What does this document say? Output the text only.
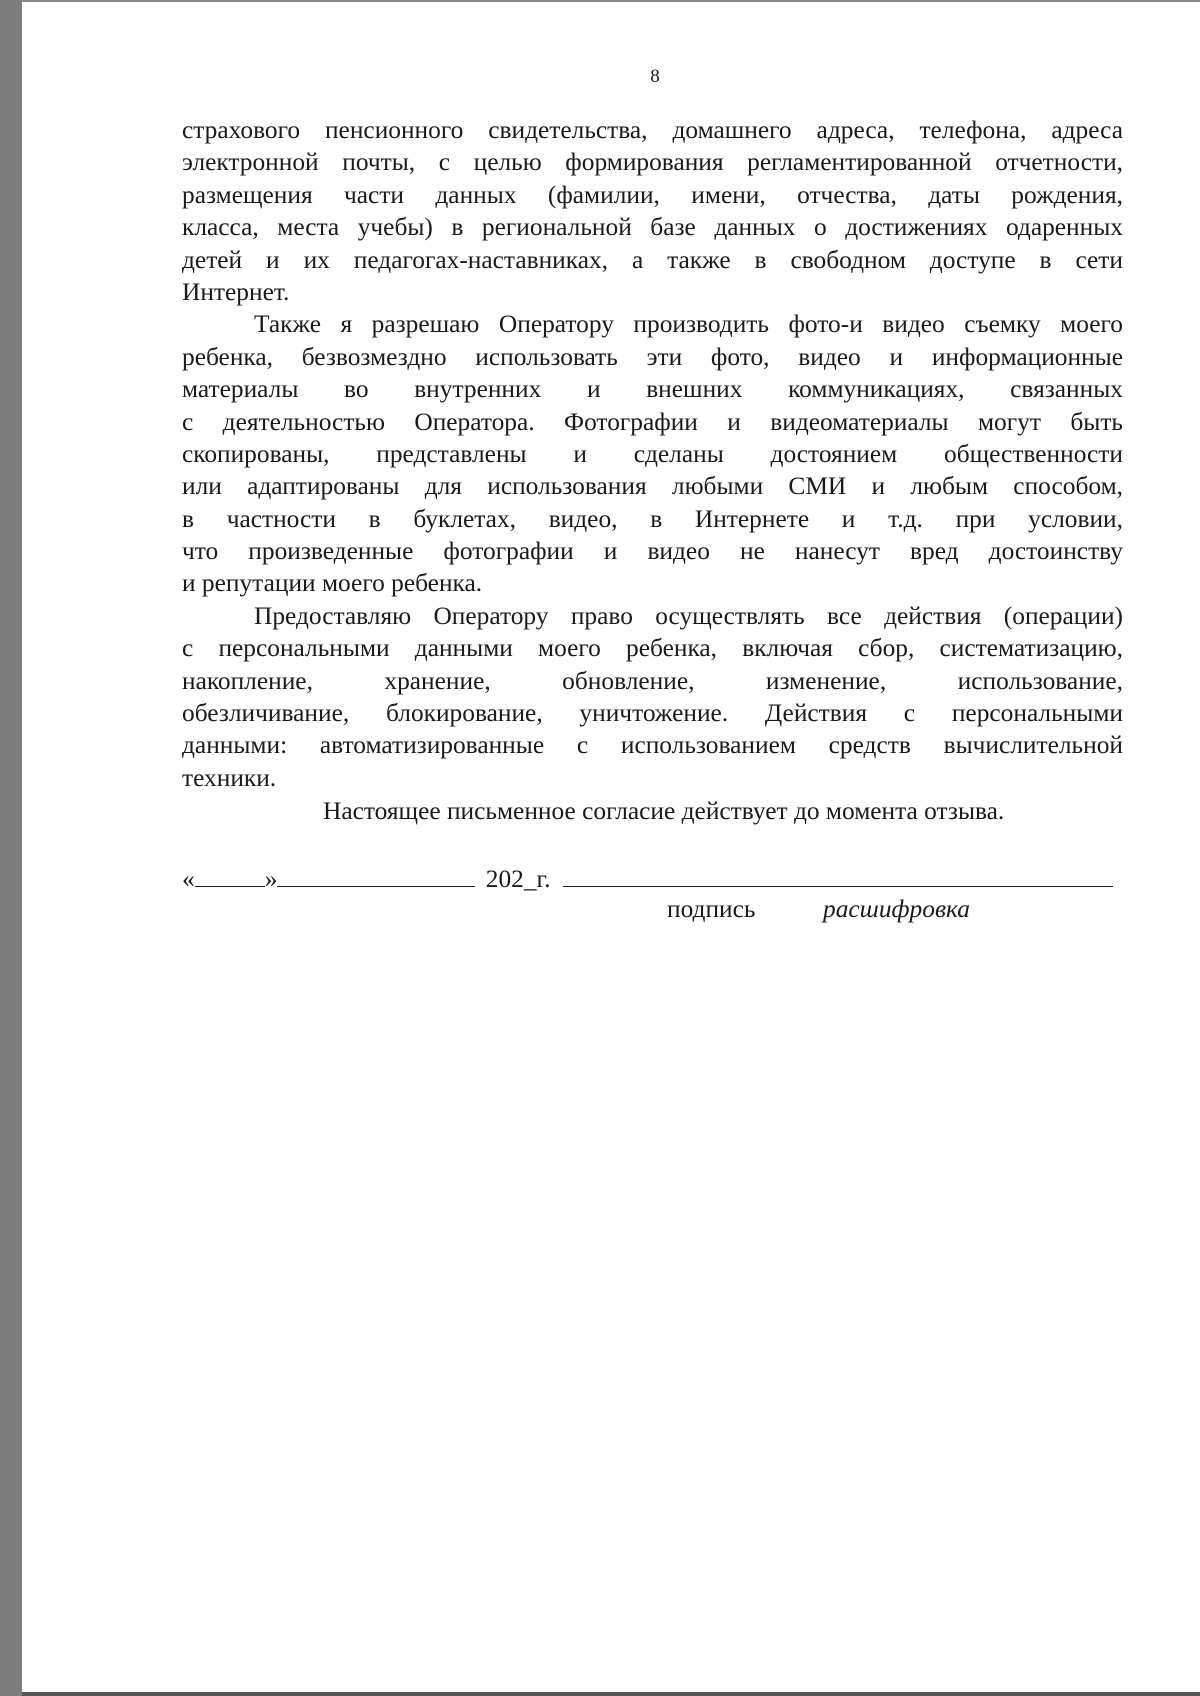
8
страхового пенсионного свидетельства, домашнего адреса, телефона, адреса
электронной почты, с целью формирования регламентированной отчетности,
размещения части данных (фамилии, имени, отчества, даты рождения,
класса, места учебы) в региональной базе данных о достижениях одаренных
детей и их педагогах-наставниках, а также в свободном доступе в сети
Интернет.
Также я разрешаю Оператору производить фото-и видео съемку моего
ребенка, безвозмездно использовать эти фото, видео и информационные
материалы во внутренних и внешних коммуникациях, связанных
с деятельностью Оператора. Фотографии и видеоматериалы могут быть
скопированы, представлены и сделаны достоянием общественности
или адаптированы для использования любыми СМИ и любым способом,
в частности в буклетах, видео, в Интернете и т.д. при условии,
что произведенные фотографии и видео не нанесут вред достоинству
и репутации моего ребенка.
Предоставляю Оператору право осуществлять все действия (операции)
с персональными данными моего ребенка, включая сбор, систематизацию,
накопление, хранение, обновление, изменение, использование,
обезличивание, блокирование, уничтожение. Действия с персональными
данными: автоматизированные с использованием средств вычислительной
техники.
Настоящее письменное согласие действует до момента отзыва.
«	»	202_г.
подпись	расшифровка
